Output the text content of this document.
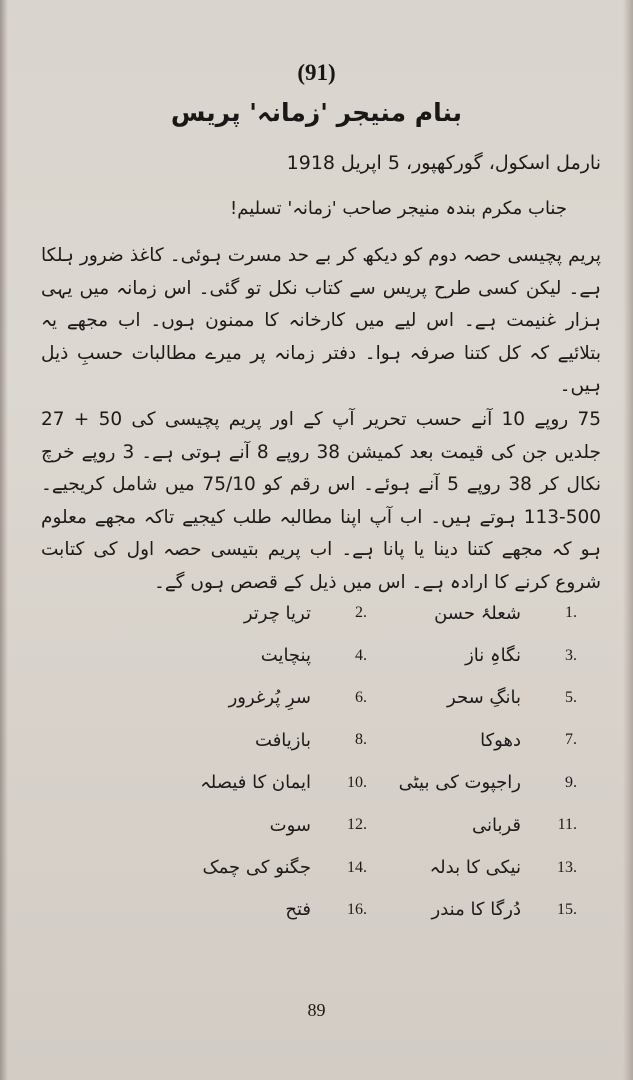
(91)
بنام منیجر 'زمانہ' پریس
نارمل اسکول، گورکھپور، 5 اپریل 1918
جناب مکرم بندہ منیجر صاحب 'زمانہ' تسلیم!
پریم پچیسی حصہ دوم کو دیکھ کر بے حد مسرت ہوئی۔ کاغذ ضرور ہلکا ہے۔ لیکن کسی طرح پریس سے کتاب نکل تو گئی۔ اس زمانہ میں یہی ہزار غنیمت ہے۔ اس لیے میں کارخانہ کا ممنون ہوں۔ اب مجھے یہ بتلائیے کہ کل کتنا صرفہ ہوا۔ دفتر زمانہ پر میرے مطالبات حسبِ ذیل ہیں۔
75 روپے 10 آنے حسب تحریر آپ کے اور پریم پچیسی کی 50 + 27 جلدیں جن کی قیمت بعد کمیشن 38 روپے 8 آنے ہوتی ہے۔ 3 روپے خرچ نکال کر 38 روپے 5 آنے ہوئے۔ اس رقم کو 75/10 میں شامل کریجیے۔ 500-113 ہوتے ہیں۔ اب آپ اپنا مطالبہ طلب کیجیے تاکہ مجھے معلوم ہو کہ مجھے کتنا دینا یا پانا ہے۔ اب پریم بتیسی حصہ اول کی کتابت شروع کرنے کا ارادہ ہے۔ اس میں ذیل کے قصص ہوں گے۔
1.
شعلۂ حسن
2.
تریا چرتر
3.
نگاہِ ناز
4.
پنچایت
5.
بانگِ سحر
6.
سرِ پُرغرور
7.
دھوکا
8.
بازیافت
9.
راجپوت کی بیٹی
10.
ایمان کا فیصلہ
11.
قربانی
12.
سوت
13.
نیکی کا بدلہ
14.
جگنو کی چمک
15.
دُرگا کا مندر
16.
فتح
89
